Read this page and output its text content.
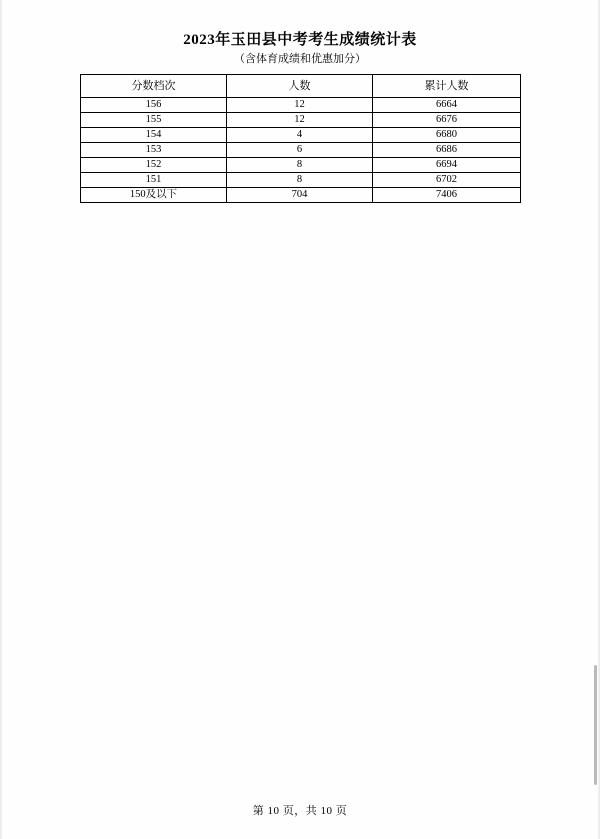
2023年玉田县中考考生成绩统计表
（含体育成绩和优惠加分）
分数档次	人数	累计人数
156	12	6664
155	12	6676
154	4	6680
153	6	6686
152	8	6694
151	8	6702
150及以下	704	7406
第 10 页，共 10 页
